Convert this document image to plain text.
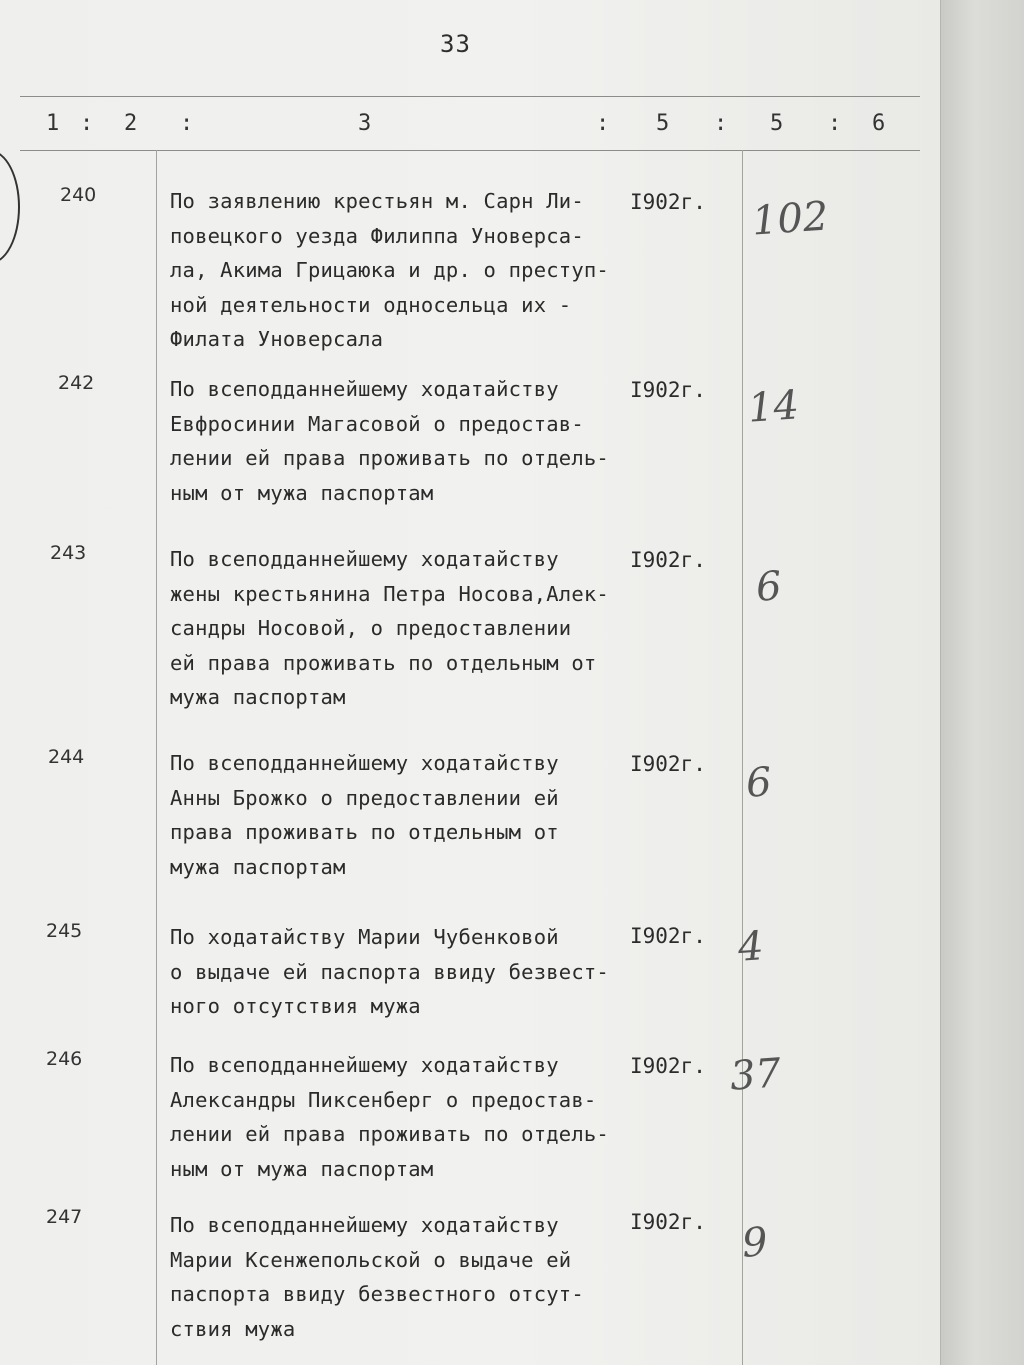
33
1 : 2 :	3	: 5 : 5 : 6
240	По заявлению крестьян м. Сарн Ли-
повецкого уезда Филиппа Уноверса-
ла, Акима Грицаюка и др. о преступ-
ной деятельности односельца их -
Филата Уноверсала
I902г. 102
242	По всеподданнейшему ходатайству
Евфросинии Магасовой о предостав-
лении ей права проживать по отдель-
ным от мужа паспортам
I902г. 14
243	По всеподданнейшему ходатайству
жены крестьянина Петра Носова,Алек-
сандры Носовой, о предоставлении
ей права проживать по отдельным от
мужа паспортам
I902г.
6
244	По всеподданнейшему ходатайству
Анны Брожко о предоставлении ей
права проживать по отдельным от
мужа паспортам
I902г. 6
245	По ходатайству Марии Чубенковой
о выдаче ей паспорта ввиду безвест-
ного отсутствия мужа
I902г. 4
246	По всеподданнейшему ходатайству
Александры Пиксенберг о предостав-
лении ей права проживать по отдель-
ным от мужа паспортам
I902г. 37
247	По всеподданнейшему ходатайству
Марии Ксенжепольской о выдаче ей
паспорта ввиду безвестного отсут-
ствия мужа
I902г. 9
